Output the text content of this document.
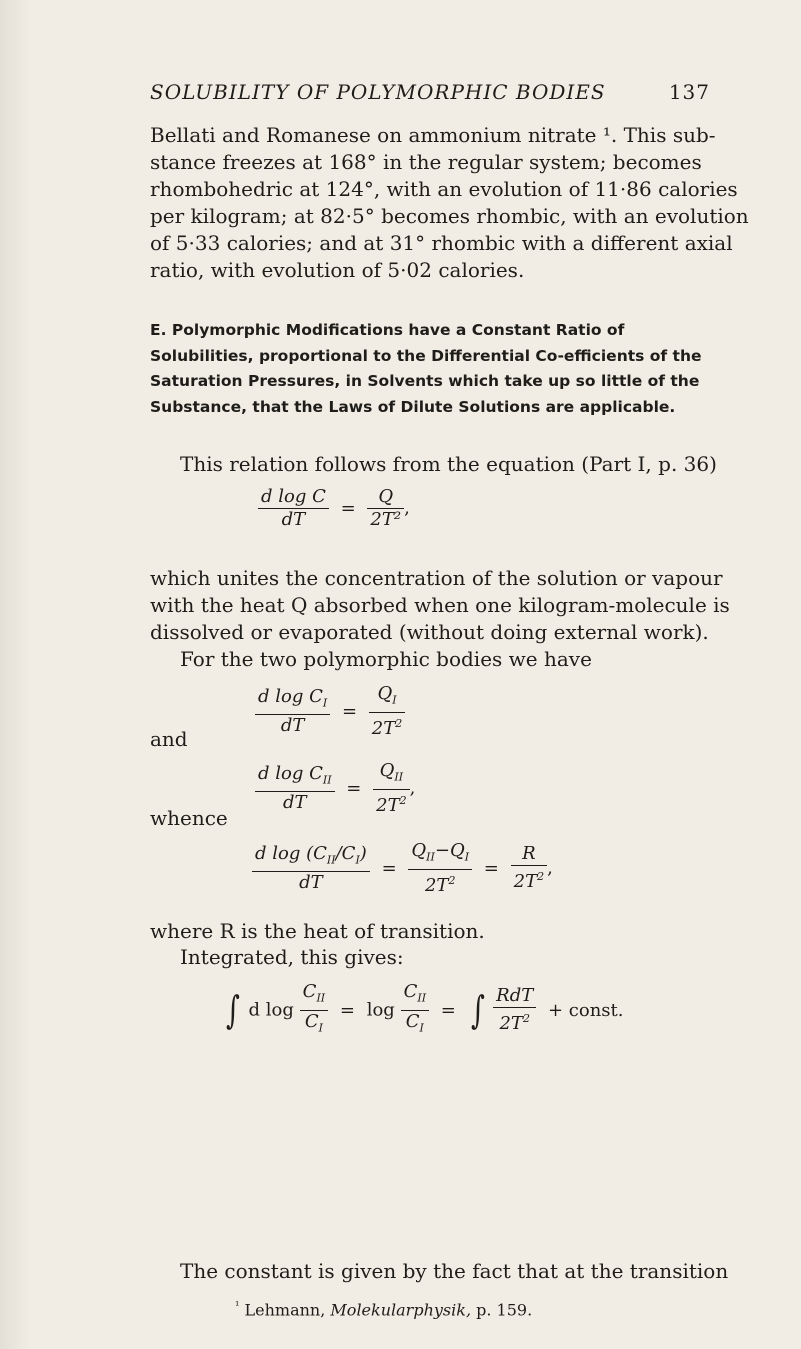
SOLUBILITY OF POLYMORPHIC BODIES	137
Bellati and Romanese on ammonium nitrate ¹. This sub-
stance freezes at 168° in the regular system; becomes
rhombohedric at 124°, with an evolution of 11·86 calories
per kilogram; at 82·5° becomes rhombic, with an evolution
of 5·33 calories; and at 31° rhombic with a different axial
ratio, with evolution of 5·02 calories.
E. Polymorphic Modifications have a Constant Ratio of Solubilities, proportional to the Differential Co-efficients of the Saturation Pressures, in Solvents which take up so little of the Substance, that the Laws of Dilute Solutions are applicable.
This relation follows from the equation (Part I, p. 36)
$\frac{\text{d log C}}{dT} = \frac{Q}{\text{2T²}}$ ,
which unites the concentration of the solution or vapour
with the heat Q absorbed when one kilogram-molecule is
dissolved or evaporated (without doing external work).
For the two polymorphic bodies we have
$\frac{d \log C_I}{dT} = \frac{Q_I}{2T^2}$
and
$\frac{d \log C_{II}}{dT} = \frac{Q_{II}}{2T^2}$ ,
whence
$\frac{d \log (C_{II}/C_I)}{dT} = \frac{Q_{II}-Q_I}{2T^2} = \frac{R}{2T^2}$ ,
where R is the heat of transition.
Integrated, this gives:
∫ d $\log \frac{C_{II}}{C_I} = \log \frac{C_{II}}{C_I}$ = ∫ $\frac{\text{RdT}}{2T^2}$ + const.
The constant is given by the fact that at the transition
$^{^1}$ Lehmann, Molekularphysik, p. 159.
